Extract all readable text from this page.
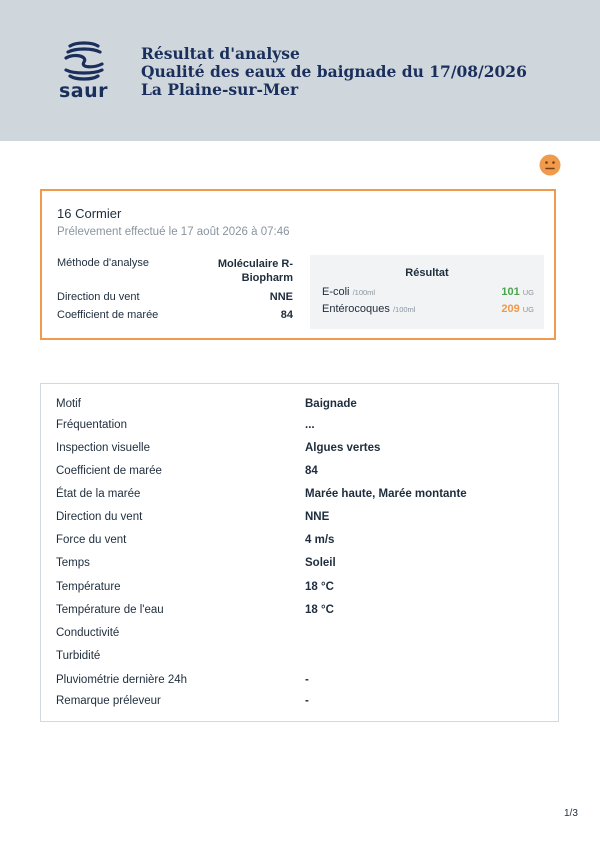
saur
Résultat d'analyse
Qualité des eaux de baignade du 17/08/2026
La Plaine-sur-Mer
16 Cormier
Prélevement effectué le 17 août 2026 à 07:46
Méthode d'analyse	Moléculaire R-
Biopharm
Direction du vent	NNE
Coefficient de marée	84
Résultat
E-coli /100ml	101 UG
Entérocoques /100ml	209 UG
Motif	Baignade
Fréquentation	...
Inspection visuelle	Algues vertes
Coefficient de marée	84
État de la marée	Marée haute, Marée montante
Direction du vent	NNE
Force du vent	4 m/s
Temps	Soleil
Température	18 °C
Température de l'eau	18 °C
Conductivité
Turbidité
Pluviométrie dernière 24h	-
Remarque préleveur	-
1/3
